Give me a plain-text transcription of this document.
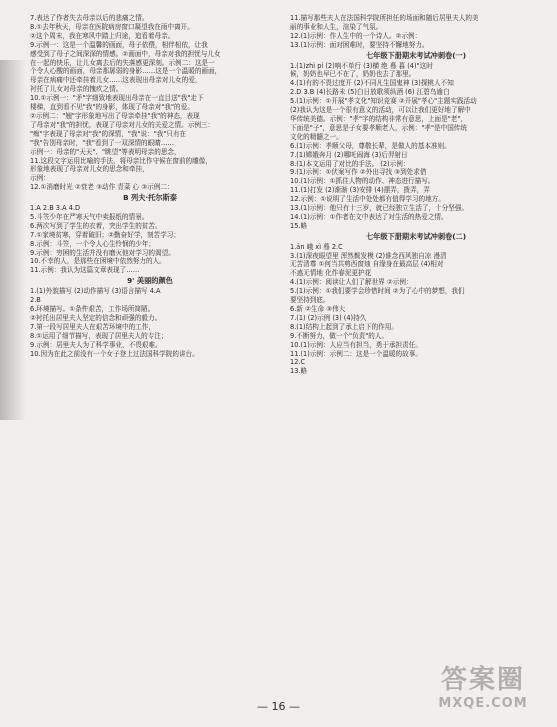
7.表达了作者失去母亲以后的悲痛之情。
8.①去年秋天，母亲在医院病房窗口凝望我在雨中离开。
②这个周末，我在寒风中踏上归途，追看着母亲。
9.示例一：这是一个温馨的画面，母子依偎，相伴相依，让我
感受到了母子之间深深的情感。②画面中，母亲对我的担忧与儿女
在一起的快乐，让儿女离去后的失落感更深刻。示例二：这是一
个令人心酸的画面，母亲那孱弱的身影……这是一个温暖的画面，
母亲在病痛中还牵挂着儿女……这表现出母亲对儿女的爱，
衬托了儿女对母亲的愧疚之情。
10.①示例一："矛"字细致地表现出母亲在一直目送"我"走下
楼梯，直到看不见"我"的身影，体现了母亲对"我"的爱。
②示例二："翘"字形象地写出了母亲牵挂"我"的神态，表现
了母亲对"我"的担忧，表现了母亲对儿女的关爱之情。示例三：
"痴"字表现了母亲对"我"的深情，"我"说："我"只有在
"我"告别母亲时，"我"看到了一双深情的眼睛……
示例一：母亲的"天天"、"眺望"等表明母亲的思念，
11.这段文字运用比喻的手法，将母亲比作守候在窗前的雕像，
形象地表现了母亲对儿女的思念和牵挂，
示例：
12.①消磨时光 ②衰老 ③动作 青菜 心 ③示例二：
B 列夫·托尔斯泰
1.A 2.B 3.A 4.D
5.斗笠少年在严寒天气中卖报纸的情景。
6.两次写到了学生的衣着，突出学生的贫苦。
7.①家境贫寒，穿着破旧；②勤奋好学，刻苦学习；
8.示例：斗笠，一个令人心生怜悯的少年；
9.示例：穷困的生活并没有磨灭他对学习的渴望。
10.不幸的人，是那些在困境中依然努力的人。
11.示例：我认为这篇文章表现了……
9' 美丽的颜色
1.(1)外貌描写 (2)动作描写 (3)语言描写 4.A
2.B
6.环境描写。①条件艰苦，工作场所简陋。
②衬托出居里夫人坚定的信念和顽强的毅力。
7.第一段写居里夫人在艰苦环境中的工作，
8.①运用了细节描写，表现了居里夫人的专注；
9.示例：居里夫人为了科学事业，不畏艰难。
10.因为在此之前没有一个女子登上过法国科学院的讲台。
11.描写那些夫人在法国科学院所担任的场面和随后居里夫人的美
丽的事业和人生，渲染了气氛。
12.(1)示例：作人生中的一个诗人。②示例：
13.(1)示例：面对困难时，要坚持不懈地努力。
七年级下册期末考试冲刺卷(一)
1.(1)zhì pí (2)响不单行 (3)横 绝 蓦 暮 (4)"这时
候，奶奶也早已不在了，奶奶也去了那里。
4.(1)有的不畏过度开 (2)不同凡生国鬼神 (3)探桃人不知
2.D 3.B (4)长路未 (5)白日放歌须纵酒 (6) 江碧鸟逾白
5.(1)示例：①开展"孝文化"知识竞赛 ②开展"孝心"主题实践活动
(2)我认为这是一个很有意义的活动，可以让我们更好地了解中
华传统美德。示例："孝"字的结构非常有意思，上面是"老"，
下面是"子"，意思是子女要孝顺老人，示例："孝"是中国传统
文化的精髓之一。
6.(1)示例：孝顺父母，尊敬长辈，是做人的基本准则。
7.(1)嫦娥奔月 (2)哪吒闹海 (3)后羿射日
8.(1)本文运用了对比的手法。 (2)示例：
9.(1)示例：①伏案写作 ②外出寻找 ③到处求借
10.(1)示例：①抓住人物的动作、神态进行描写。
11.(1)打发 (2)渐渐 (3)安排 (4)摆弄，拨弄，弄
12.示例：①说明了生活中处处都有值得学习的地方。
13.(1)示例：他只有十三岁，就已经独立生活了，十分坚强。
14.(1)示例：①作者在文中表达了对生活的热爱之情。
15.略
七年级下册期末考试冲刺卷(二)
1.ān 峨 xì 蓦 2.C
3.(1)深夜眼望里 浑然鬓发模 (2)谁念西风独自凉 漫清
无苦清尊 ①何当共剪西窗烛 自缘身在最高层 (4)相对
不惑无情地 化作春泥更护花
4.(1)示例：阅读让人们了解世界 ②示例：
5.(1)示例：①我们要学会珍惜时间 ②为了心中的梦想，我们
要坚持到底。
6.新 ②生命 ③伟大
7.(1) (2)示例 (3) (4)持久
8.(1)结构上起到了承上启下的作用。
9.不断努力，做一个"负责"的人。
10.(1)示例：人应当有担当，勇于承担责任。
11.(1)示例：示例二：这是一个温暖的故事。
12.C
13.略
— 16 —
答案圈
MXQE.COM
